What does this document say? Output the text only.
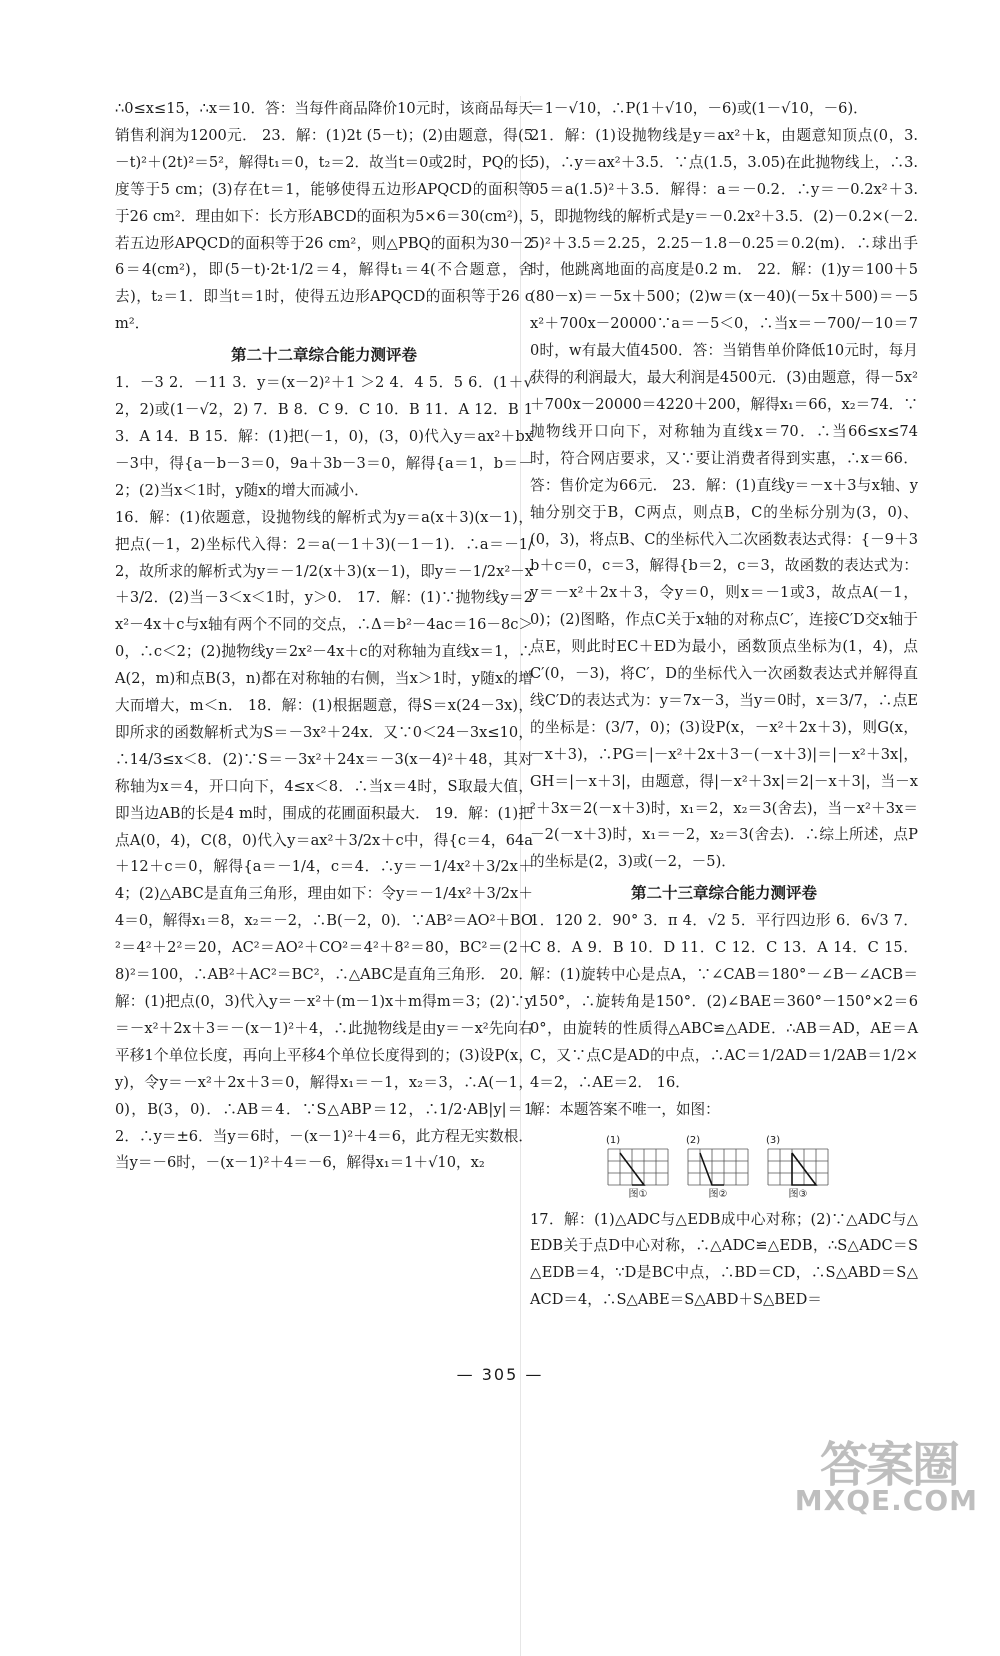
∴0≤x≤15，∴x＝10．答：当每件商品降价10元时，该商品每天销售利润为1200元． 23．解：(1)2t (5－t)；(2)由题意，得(5－t)²＋(2t)²＝5²，解得t₁＝0，t₂＝2．故当t＝0或2时，PQ的长度等于5 cm；(3)存在t＝1，能够使得五边形APQCD的面积等于26 cm²．理由如下：长方形ABCD的面积为5×6＝30(cm²)，若五边形APQCD的面积等于26 cm²，则△PBQ的面积为30－26＝4(cm²)，即(5－t)·2t·1/2＝4，解得t₁＝4(不合题意，舍去)，t₂＝1．即当t＝1时，使得五边形APQCD的面积等于26 cm²．

第二十二章综合能力测评卷

1．－3 2．－11 3．y＝(x－2)²＋1 ＞2 4．4 5．5 6．(1＋√2，2)或(1－√2，2) 7．B 8．C 9．C 10．B 11．A 12．B 13．A 14．B 15．解：(1)把(－1，0)，(3，0)代入y＝ax²＋bx－3中，得{a－b－3＝0，9a＋3b－3＝0，解得{a＝1，b＝－2；(2)当x＜1时，y随x的增大而减小．

16．解：(1)依题意，设抛物线的解析式为y＝a(x＋3)(x－1)，把点(－1，2)坐标代入得：2＝a(－1＋3)(－1－1)．∴a＝－1/2，故所求的解析式为y＝－1/2(x＋3)(x－1)，即y＝－1/2x²－x＋3/2．(2)当－3＜x＜1时，y＞0． 17．解：(1)∵抛物线y＝2x²－4x＋c与x轴有两个不同的交点，∴Δ＝b²－4ac＝16－8c＞0，∴c＜2；(2)抛物线y＝2x²－4x＋c的对称轴为直线x＝1，∴A(2，m)和点B(3，n)都在对称轴的右侧，当x＞1时，y随x的增大而增大，m＜n． 18．解：(1)根据题意，得S＝x(24－3x)，即所求的函数解析式为S＝－3x²＋24x．又∵0＜24－3x≤10，∴14/3≤x＜8．(2)∵S＝－3x²＋24x＝－3(x－4)²＋48，其对称轴为x＝4，开口向下，4≤x＜8．∴当x＝4时，S取最大值，即当边AB的长是4 m时，围成的花圃面积最大． 19．解：(1)把点A(0，4)，C(8，0)代入y＝ax²＋3/2x＋c中，得{c＝4，64a＋12＋c＝0，解得{a＝－1/4，c＝4．∴y＝－1/4x²＋3/2x＋4；(2)△ABC是直角三角形，理由如下：令y＝－1/4x²＋3/2x＋4＝0，解得x₁＝8，x₂＝－2，∴B(－2，0)．∵AB²＝AO²＋BO²＝4²＋2²＝20，AC²＝AO²＋CO²＝4²＋8²＝80，BC²＝(2＋8)²＝100，∴AB²＋AC²＝BC²，∴△ABC是直角三角形． 20．解：(1)把点(0，3)代入y＝－x²＋(m－1)x＋m得m＝3；(2)∵y＝－x²＋2x＋3＝－(x－1)²＋4，∴此抛物线是由y＝－x²先向右平移1个单位长度，再向上平移4个单位长度得到的；(3)设P(x，y)，令y＝－x²＋2x＋3＝0，解得x₁＝－1，x₂＝3，∴A(－1，0)，B(3，0)．∴AB＝4．∵S△ABP＝12，∴1/2·AB|y|＝12．∴y＝±6．当y＝6时，－(x－1)²＋4＝6，此方程无实数根．当y＝－6时，－(x－1)²＋4＝－6，解得x₁＝1＋√10，x₂

＝1－√10，∴P(1＋√10，－6)或(1－√10，－6)．

21．解：(1)设抛物线是y＝ax²＋k，由题意知顶点(0，3.5)，∴y＝ax²＋3.5．∵点(1.5，3.05)在此抛物线上，∴3.05＝a(1.5)²＋3.5．解得：a＝－0.2．∴y＝－0.2x²＋3.5，即抛物线的解析式是y＝－0.2x²＋3.5．(2)－0.2×(－2.5)²＋3.5＝2.25，2.25－1.8－0.25＝0.2(m)．∴球出手时，他跳离地面的高度是0.2 m． 22．解：(1)y＝100＋5(80－x)＝－5x＋500；(2)w＝(x－40)(－5x＋500)＝－5x²＋700x－20000∵a＝－5＜0，∴当x＝－700/－10＝70时，w有最大值4500．答：当销售单价降低10元时，每月获得的利润最大，最大利润是4500元．(3)由题意，得－5x²＋700x－20000＝4220＋200，解得x₁＝66，x₂＝74．∵抛物线开口向下，对称轴为直线x＝70．∴当66≤x≤74时，符合网店要求，又∵要让消费者得到实惠，∴x＝66．答：售价定为66元． 23．解：(1)直线y＝－x＋3与x轴、y轴分别交于B，C两点，则点B，C的坐标分别为(3，0)、(0，3)，将点B、C的坐标代入二次函数表达式得：{－9＋3b＋c＝0，c＝3，解得{b＝2，c＝3，故函数的表达式为：y＝－x²＋2x＋3，令y＝0，则x＝－1或3，故点A(－1，0)；(2)图略，作点C关于x轴的对称点C′，连接C′D交x轴于点E，则此时EC＋ED为最小，函数顶点坐标为(1，4)，点C′(0，－3)，将C′，D的坐标代入一次函数表达式并解得直线C′D的表达式为：y＝7x－3，当y＝0时，x＝3/7，∴点E的坐标是：(3/7，0)；(3)设P(x，－x²＋2x＋3)，则G(x，－x＋3)，∴PG＝|－x²＋2x＋3－(－x＋3)|＝|－x²＋3x|，GH＝|－x＋3|，由题意，得|－x²＋3x|＝2|－x＋3|，当－x²＋3x＝2(－x＋3)时，x₁＝2，x₂＝3(舍去)，当－x²＋3x＝－2(－x＋3)时，x₁＝－2，x₂＝3(舍去)．∴综上所述，点P的坐标是(2，3)或(－2，－5)．

第二十三章综合能力测评卷

1．120 2．90° 3．π 4．√2 5．平行四边形 6．6√3 7．C 8．A 9．B 10．D 11．C 12．C 13．A 14．C 15．解：(1)旋转中心是点A，∵∠CAB＝180°－∠B－∠ACB＝150°，∴旋转角是150°．(2)∠BAE＝360°－150°×2＝60°，由旋转的性质得△ABC≌△ADE．∴AB＝AD，AE＝AC，又∵点C是AD的中点，∴AC＝1/2AD＝1/2AB＝1/2×4＝2，∴AE＝2． 16．

解：本题答案不唯一，如图：

(1)
图①
(2)
图②
(3)
图③

17．解：(1)△ADC与△EDB成中心对称；(2)∵△ADC与△EDB关于点D中心对称，∴△ADC≌△EDB，∴S△ADC＝S△EDB＝4，∵D是BC中点，∴BD＝CD，∴S△ABD＝S△ACD＝4，∴S△ABE＝S△ABD＋S△BED＝

— 305 —
答案圈
MXQE.COM
